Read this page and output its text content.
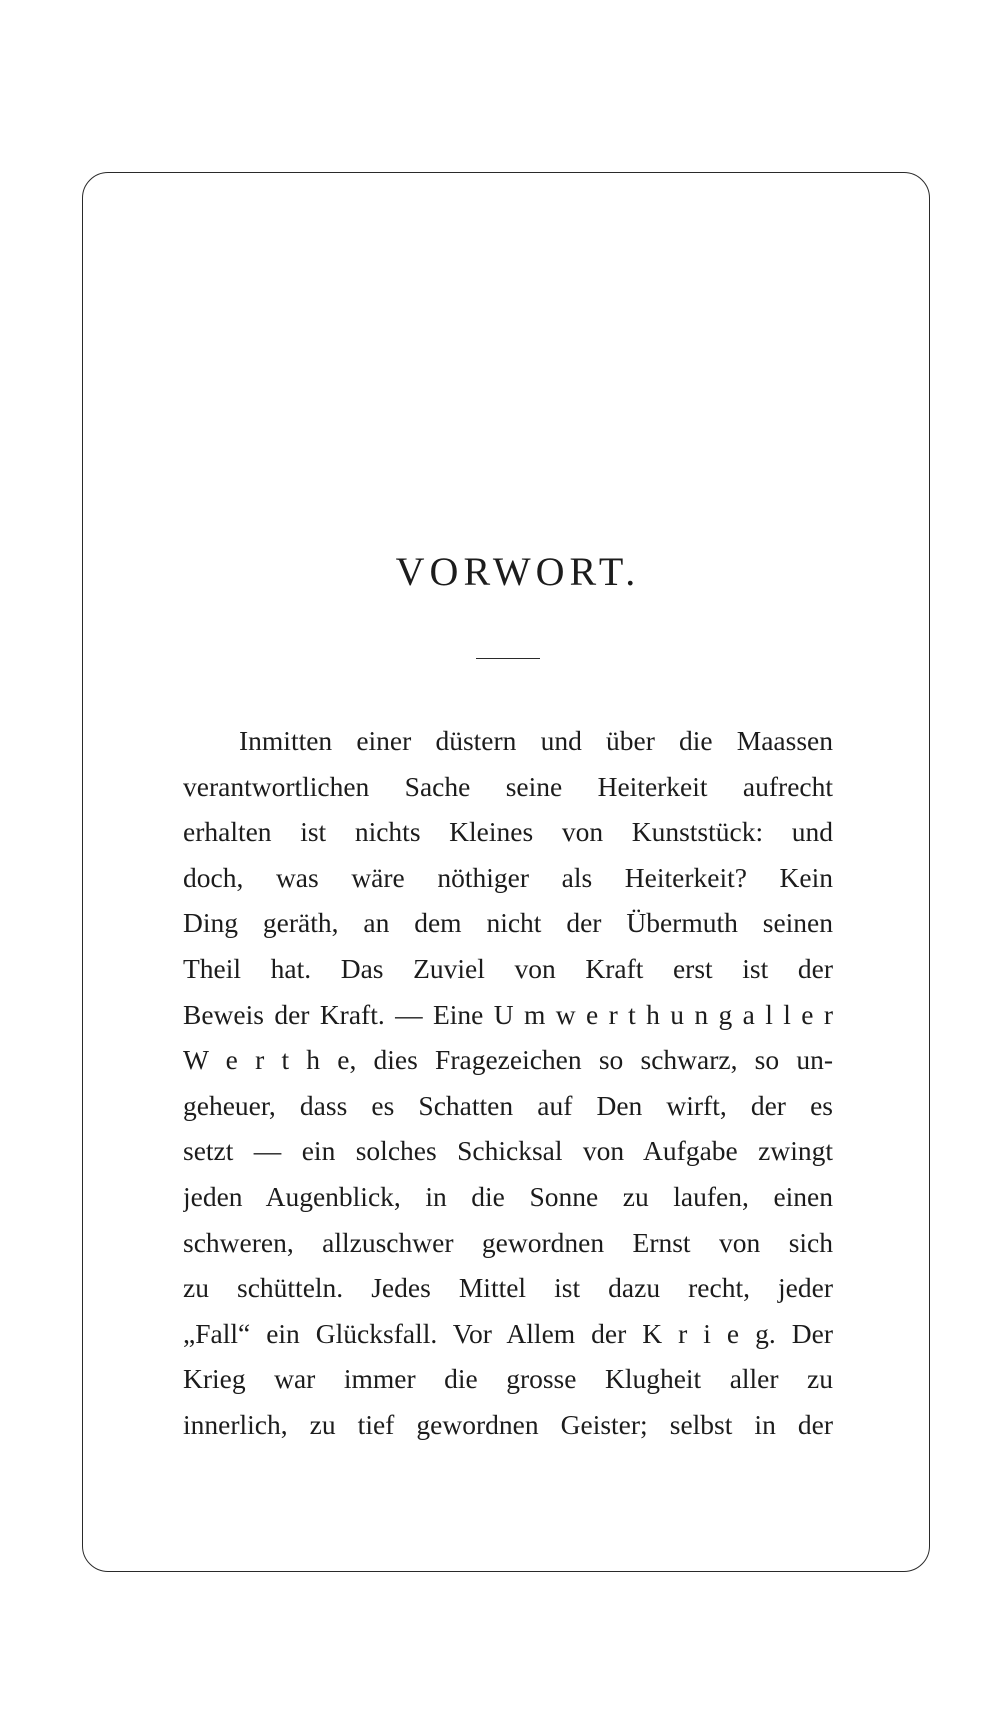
VORWORT.
Inmitten einer düstern und über die Maassen
verantwortlichen Sache seine Heiterkeit aufrecht
erhalten ist nichts Kleines von Kunststück: und
doch, was wäre nöthiger als Heiterkeit? Kein
Ding geräth, an dem nicht der Übermuth seinen
Theil hat. Das Zuviel von Kraft erst ist der
Beweis der Kraft. — Eine U m w e r t h u n g a l l e r
W e r t h e, dies Fragezeichen so schwarz, so un-
geheuer, dass es Schatten auf Den wirft, der es
setzt — ein solches Schicksal von Aufgabe zwingt
jeden Augenblick, in die Sonne zu laufen, einen
schweren, allzuschwer gewordnen Ernst von sich
zu schütteln. Jedes Mittel ist dazu recht, jeder
„Fall“ ein Glücksfall. Vor Allem der K r i e g. Der
Krieg war immer die grosse Klugheit aller zu
innerlich, zu tief gewordnen Geister; selbst in der
